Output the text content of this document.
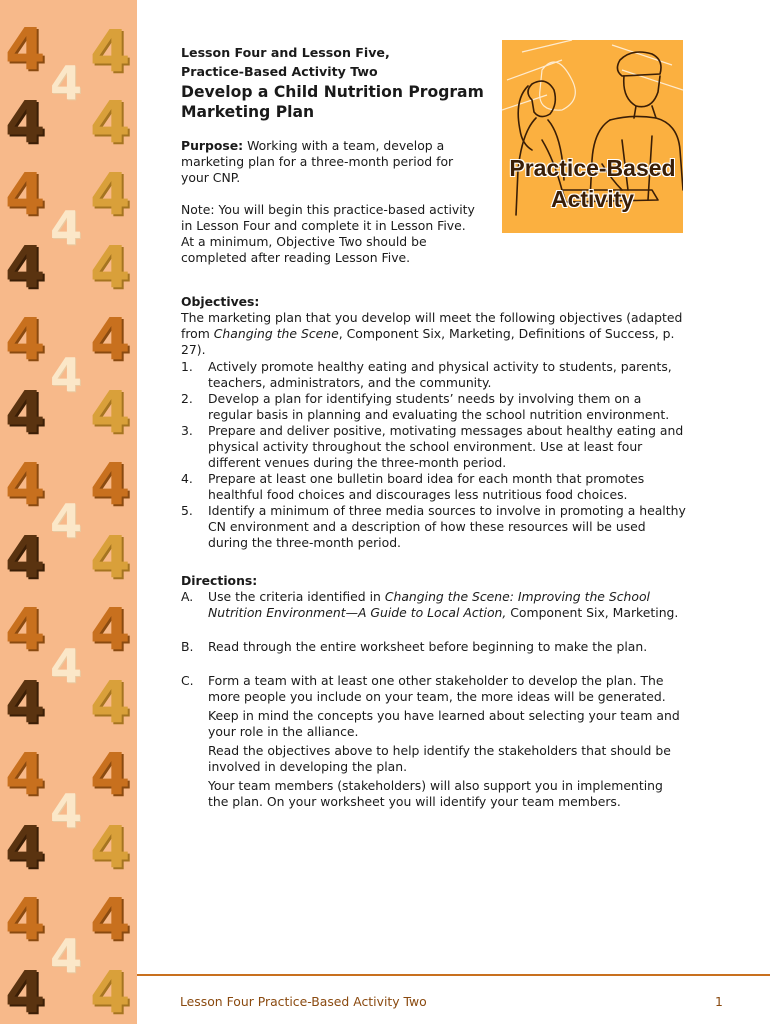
4 4
4
4 4
4 4
4
4 4
4 4
4
4 4
4 4
4
4 4
4 4
4
4 4
4 4
4
4 4
4 4
4
4 4
Practice-Based
Activity
Lesson Four and Lesson Five,
Practice-Based Activity Two
Develop a Child Nutrition Program Marketing Plan
Purpose: Working with a team, develop a marketing plan for a three-month period for your CNP.
Note: You will begin this practice-based activity in Lesson Four and complete it in Lesson Five. At a minimum, Objective Two should be completed after reading Lesson Five.
Objectives:
The marketing plan that you develop will meet the following objectives (adapted from Changing the Scene, Component Six, Marketing, Definitions of Success, p. 27).
1.	Actively promote healthy eating and physical activity to students, parents, teachers, administrators, and the community.
2.	Develop a plan for identifying students’ needs by involving them on a regular basis in planning and evaluating the school nutrition environment.
3.	Prepare and deliver positive, motivating messages about healthy eating and physical activity throughout the school environment. Use at least four different venues during the three-month period.
4.	Prepare at least one bulletin board idea for each month that promotes healthful food choices and discourages less nutritious food choices.
5.	Identify a minimum of three media sources to involve in promoting a healthy CN environment and a description of how these resources will be used during the three-month period.
Directions:
A.	Use the criteria identified in Changing the Scene: Improving the School Nutrition Environment—A Guide to Local Action, Component Six, Marketing.
B.	Read through the entire worksheet before beginning to make the plan.
C.	Form a team with at least one other stakeholder to develop the plan. The more people you include on your team, the more ideas will be generated.
Keep in mind the concepts you have learned about selecting your team and your role in the alliance.
Read the objectives above to help identify the stakeholders that should be involved in developing the plan.
Your team members (stakeholders) will also support you in implementing the plan. On your worksheet you will identify your team members.
Lesson Four Practice-Based Activity Two	1
